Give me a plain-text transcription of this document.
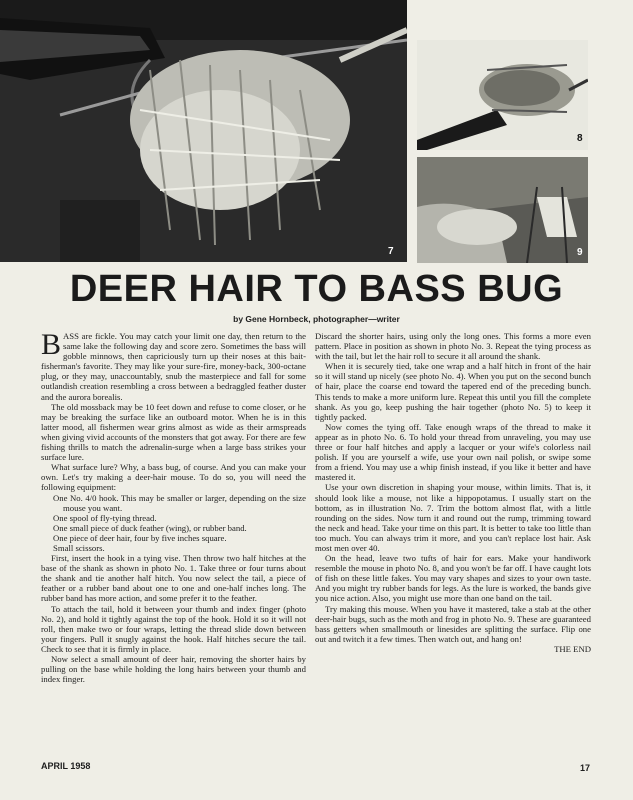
7
8
9
DEER HAIR TO BASS BUG
by Gene Hornbeck, photographer—writer

BASS are fickle. You may catch your limit one day, then return to the same lake the following day and score zero. Sometimes the bass will gobble minnows, then capriciously turn up their noses at this bait-fisherman's favorite. They may like your sure-fire, money-back, 300-octane plug, or they may, unaccountably, snub the masterpiece and fall for some outlandish creation resembling a cross between a bedraggled feather duster and the aurora borealis.

The old mossback may be 10 feet down and refuse to come closer, or he may be breaking the surface like an outboard motor. When he is in this latter mood, all fishermen wear grins almost as wide as their armspreads when giving vivid accounts of the monsters that got away. For there are few fishing thrills to match the adrenalin-surge when a large bass strikes your surface lure.

What surface lure? Why, a bass bug, of course. And you can make your own. Let's try making a deer-hair mouse. To do so, you will need the following equipment:

One No. 4/0 hook. This may be smaller or larger, depending on the size mouse you want.

One spool of fly-tying thread.

One small piece of duck feather (wing), or rubber band.

One piece of deer hair, four by five inches square.

Small scissors.

First, insert the hook in a tying vise. Then throw two half hitches at the base of the shank as shown in photo No. 1. Take three or four turns about the shank and tie another half hitch. You now select the tail, a piece of feather or a rubber band about one to one and one-half inches long. The rubber band has more action, and some prefer it to the feather.

To attach the tail, hold it between your thumb and index finger (photo No. 2), and hold it tightly against the top of the hook. Hold it so it will not roll, then make two or four wraps, letting the thread slide down between your fingers. Pull it snugly against the hook. Half hitches secure the tail. Check to see that it is firmly in place.

Now select a small amount of deer hair, removing the shorter hairs by pulling on the base while holding the long hairs between your thumb and index finger.

Discard the shorter hairs, using only the long ones. This forms a more even pattern. Place in position as shown in photo No. 3. Repeat the tying process as with the tail, but let the hair roll to secure it all around the shank.

When it is securely tied, take one wrap and a half hitch in front of the hair so it will stand up nicely (see photo No. 4). When you put on the second bunch of hair, place the coarse end toward the tapered end of the preceding bunch. This tends to make a more uniform lure. Repeat this until you fill the complete shank. As you go, keep pushing the hair together (photo No. 5) to keep it tightly packed.

Now comes the tying off. Take enough wraps of the thread to make it appear as in photo No. 6. To hold your thread from unraveling, you may use three or four half hitches and apply a lacquer or your wife's colorless nail polish. If you are yourself a wife, use your own nail polish, or swipe some from a friend. You may use a whip finish instead, if you like it better and have mastered it.

Use your own discretion in shaping your mouse, within limits. That is, it should look like a mouse, not like a hippopotamus. I usually start on the bottom, as in illustration No. 7. Trim the bottom almost flat, with a little rounding on the sides. Now turn it and round out the rump, trimming toward the neck and head. Take your time on this part. It is better to take too little than too much. You can always trim it more, and you can't replace lost hair. Ask most men over 40.

On the head, leave two tufts of hair for ears. Make your handiwork resemble the mouse in photo No. 8, and you won't be far off. I have caught lots of fish on these little fakes. You may vary shapes and sizes to your own taste. And you might try rubber bands for legs. As the lure is worked, the bands give you nice action. Also, you might use more than one band on the tail.

Try making this mouse. When you have it mastered, take a stab at the other deer-hair bugs, such as the moth and frog in photo No. 9. These are guaranteed bass getters when smallmouth or linesides are splitting the surface. Flip one out and twitch it a few times. Then watch out, and hang on!

THE END

APRIL 1958	17
